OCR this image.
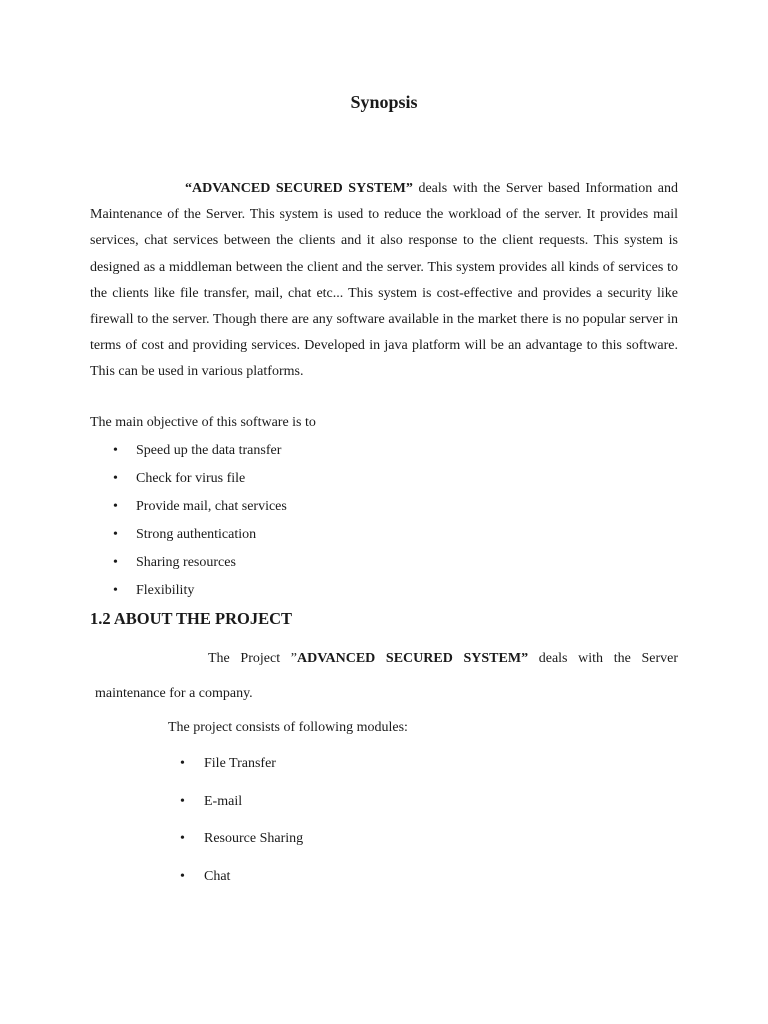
Synopsis
“ADVANCED SECURED SYSTEM” deals with the Server based Information and Maintenance of the Server. This system is used to reduce the workload of the server. It provides mail services, chat services between the clients and it also response to the client requests. This system is designed as a middleman between the client and the server. This system provides all kinds of services to the clients like file transfer, mail, chat etc... This system is cost-effective and provides a security like firewall to the server. Though there are any software available in the market there is no popular server in terms of cost and providing services. Developed in java platform will be an advantage to this software. This can be used in various platforms.
The main objective of this software is to
• Speed up the data transfer
• Check for virus file
• Provide mail, chat services
• Strong authentication
• Sharing resources
• Flexibility
1.2 ABOUT THE PROJECT
The Project ”ADVANCED SECURED SYSTEM” deals with the Server
maintenance for a company.
The project consists of following modules:
• File Transfer
• E-mail
• Resource Sharing
• Chat
